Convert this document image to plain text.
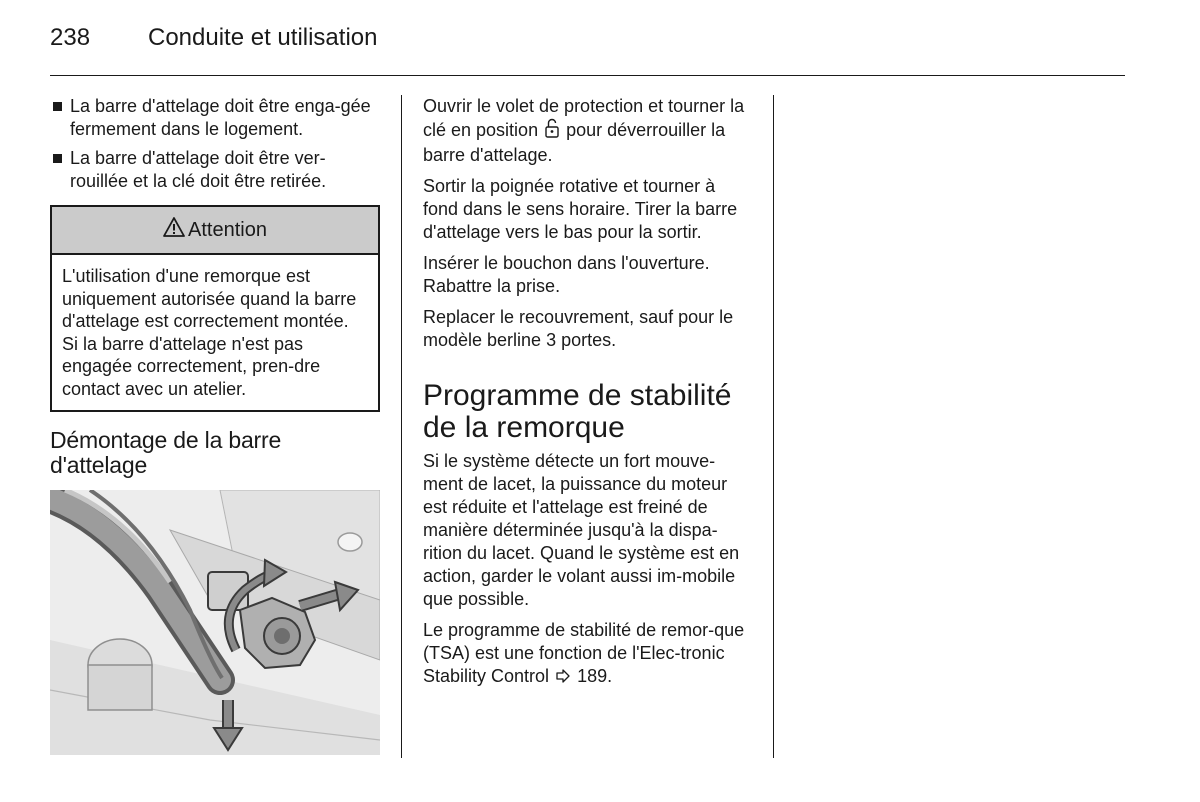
238 Conduite et utilisation
La barre d'attelage doit être enga-gée fermement dans le logement.
La barre d'attelage doit être ver-rouillée et la clé doit être retirée.
Attention
L'utilisation d'une remorque est uniquement autorisée quand la barre d'attelage est correctement montée. Si la barre d'attelage n'est pas engagée correctement, pren-dre contact avec un atelier.
Démontage de la barre d'attelage

Ouvrir le volet de protection et tourner la clé en position pour déverrouiller la barre d'attelage.

Sortir la poignée rotative et tourner à fond dans le sens horaire. Tirer la barre d'attelage vers le bas pour la sortir.

Insérer le bouchon dans l'ouverture. Rabattre la prise.

Replacer le recouvrement, sauf pour le modèle berline 3 portes.

Programme de stabilité de la remorque

Si le système détecte un fort mouve-ment de lacet, la puissance du moteur est réduite et l'attelage est freiné de manière déterminée jusqu'à la dispa-rition du lacet. Quand le système est en action, garder le volant aussi im-mobile que possible.

Le programme de stabilité de remor-que (TSA) est une fonction de l'Elec-tronic Stability Control 189.
